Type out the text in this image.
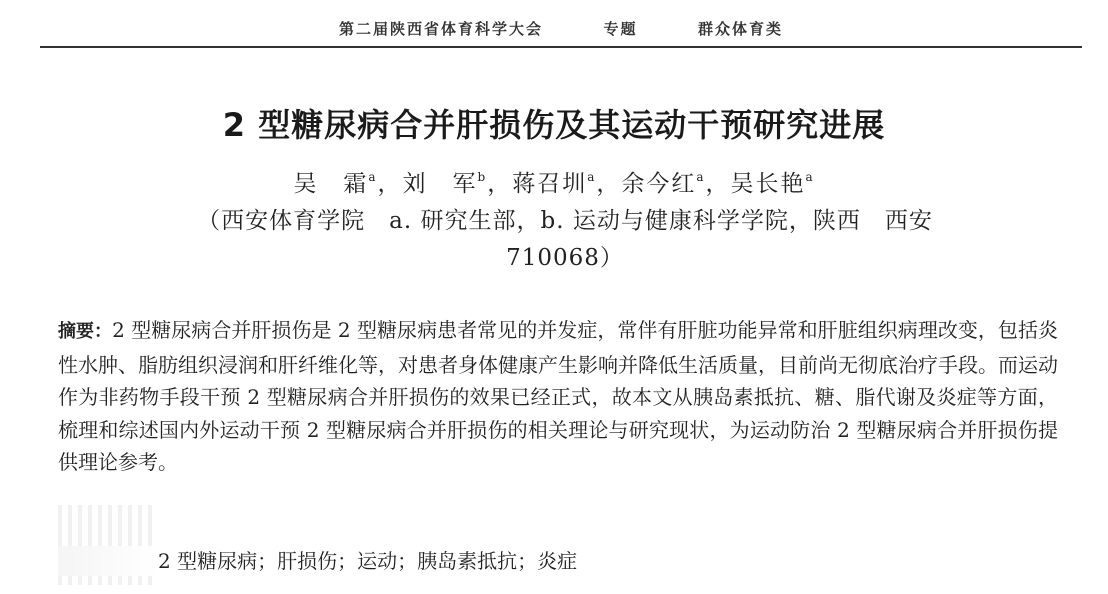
第二届陕西省体育科学大会	专题	群众体育类
2 型糖尿病合并肝损伤及其运动干预研究进展
吴　霜$^a$，刘　军$^b$，蒋召圳$^a$，余今红$^a$，吴长艳$^a$
（西安体育学院　a. 研究生部，b. 运动与健康科学学院，陕西　西安　710068）
摘要：2 型糖尿病合并肝损伤是 2 型糖尿病患者常见的并发症，常伴有肝脏功能异常和肝脏组织病理改变，包括炎性水肿、脂肪组织浸润和肝纤维化等，对患者身体健康产生影响并降低生活质量，目前尚无彻底治疗手段。而运动作为非药物手段干预 2 型糖尿病合并肝损伤的效果已经正式，故本文从胰岛素抵抗、糖、脂代谢及炎症等方面，梳理和综述国内外运动干预 2 型糖尿病合并肝损伤的相关理论与研究现状，为运动防治 2 型糖尿病合并肝损伤提供理论参考。
2 型糖尿病；肝损伤；运动；胰岛素抵抗；炎症
